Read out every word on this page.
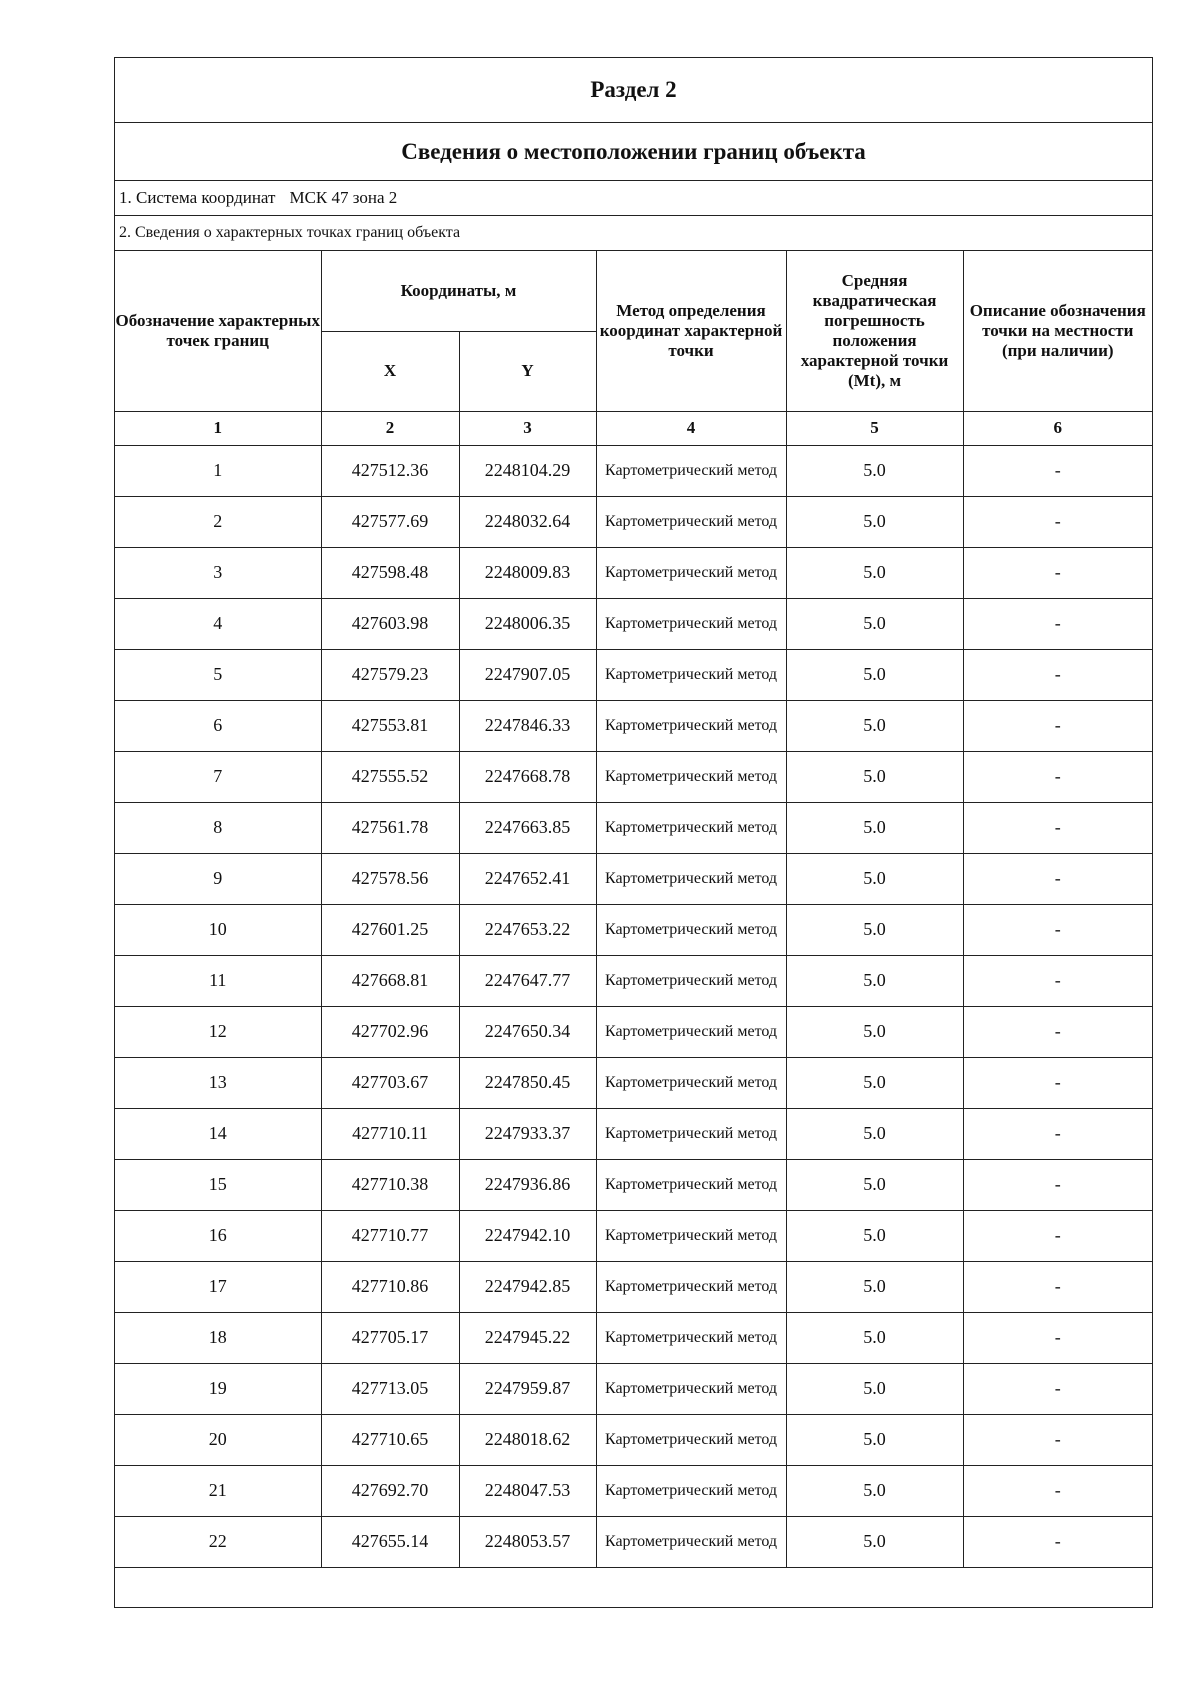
Раздел 2
Сведения о местоположении границ объекта
1. Система координат МСК 47 зона 2
2. Сведения о характерных точках границ объекта
Обозначение характерных точек границ	Координаты, м		Метод определения координат характерной точки	Средняя квадратическая погрешность положения характерной точки (Mt), м	Описание обозначения точки на местности (при наличии)
	X	Y			
1	2	3	4	5	6
1	427512.36	2248104.29	Картометрический метод	5.0	-
2	427577.69	2248032.64	Картометрический метод	5.0	-
3	427598.48	2248009.83	Картометрический метод	5.0	-
4	427603.98	2248006.35	Картометрический метод	5.0	-
5	427579.23	2247907.05	Картометрический метод	5.0	-
6	427553.81	2247846.33	Картометрический метод	5.0	-
7	427555.52	2247668.78	Картометрический метод	5.0	-
8	427561.78	2247663.85	Картометрический метод	5.0	-
9	427578.56	2247652.41	Картометрический метод	5.0	-
10	427601.25	2247653.22	Картометрический метод	5.0	-
11	427668.81	2247647.77	Картометрический метод	5.0	-
12	427702.96	2247650.34	Картометрический метод	5.0	-
13	427703.67	2247850.45	Картометрический метод	5.0	-
14	427710.11	2247933.37	Картометрический метод	5.0	-
15	427710.38	2247936.86	Картометрический метод	5.0	-
16	427710.77	2247942.10	Картометрический метод	5.0	-
17	427710.86	2247942.85	Картометрический метод	5.0	-
18	427705.17	2247945.22	Картометрический метод	5.0	-
19	427713.05	2247959.87	Картометрический метод	5.0	-
20	427710.65	2248018.62	Картометрический метод	5.0	-
21	427692.70	2248047.53	Картометрический метод	5.0	-
22	427655.14	2248053.57	Картометрический метод	5.0	-
